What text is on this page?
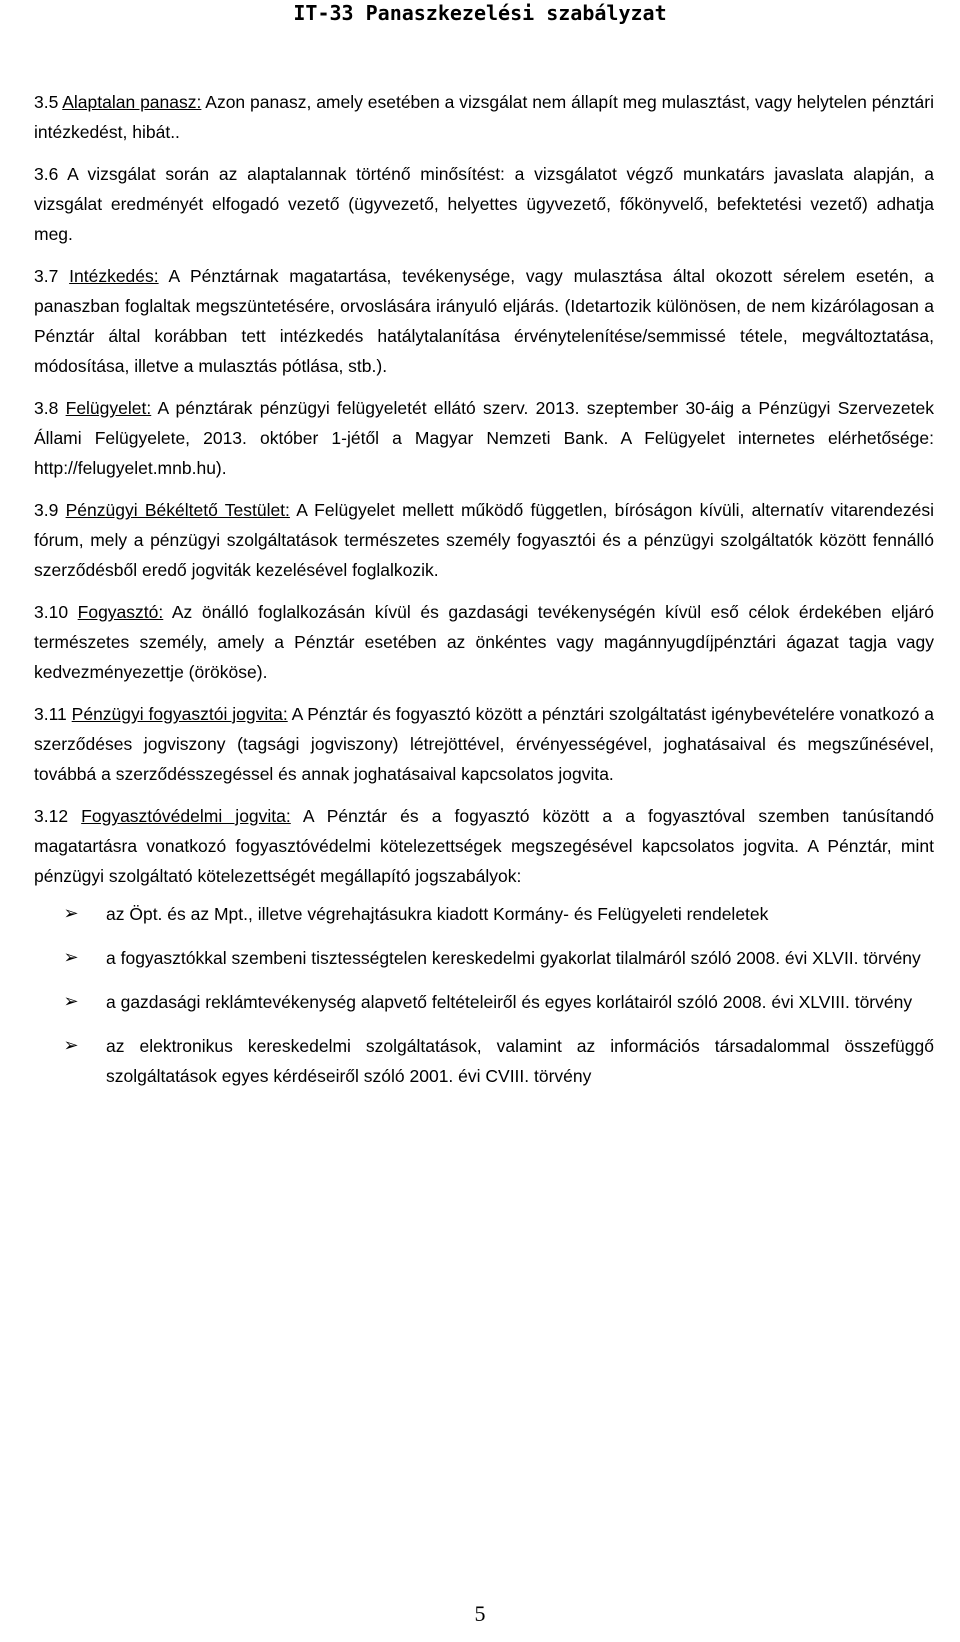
IT-33 Panaszkezelési szabályzat

3.5 Alaptalan panasz: Azon panasz, amely esetében a vizsgálat nem állapít meg mulasztást, vagy helytelen pénztári intézkedést, hibát..

3.6 A vizsgálat során az alaptalannak történő minősítést: a vizsgálatot végző munkatárs javaslata alapján, a vizsgálat eredményét elfogadó vezető (ügyvezető, helyettes ügyvezető, főkönyvelő, befektetési vezető) adhatja meg.

3.7 Intézkedés: A Pénztárnak magatartása, tevékenysége, vagy mulasztása által okozott sérelem esetén, a panaszban foglaltak megszüntetésére, orvoslására irányuló eljárás. (Idetartozik különösen, de nem kizárólagosan a Pénztár által korábban tett intézkedés hatálytalanítása érvénytelenítése/semmissé tétele, megváltoztatása, módosítása, illetve a mulasztás pótlása, stb.).

3.8 Felügyelet: A pénztárak pénzügyi felügyeletét ellátó szerv. 2013. szeptember 30-áig a Pénzügyi Szervezetek Állami Felügyelete, 2013. október 1-jétől a Magyar Nemzeti Bank. A Felügyelet internetes elérhetősége: http://felugyelet.mnb.hu).

3.9 Pénzügyi Békéltető Testület: A Felügyelet mellett működő független, bíróságon kívüli, alternatív vitarendezési fórum, mely a pénzügyi szolgáltatások természetes személy fogyasztói és a pénzügyi szolgáltatók között fennálló szerződésből eredő jogviták kezelésével foglalkozik.

3.10 Fogyasztó: Az önálló foglalkozásán kívül és gazdasági tevékenységén kívül eső célok érdekében eljáró természetes személy, amely a Pénztár esetében az önkéntes vagy magánnyugdíjpénztári ágazat tagja vagy kedvezményezettje (örököse).

3.11 Pénzügyi fogyasztói jogvita: A Pénztár és fogyasztó között a pénztári szolgáltatást igénybevételére vonatkozó a szerződéses jogviszony (tagsági jogviszony) létrejöttével, érvényességével, joghatásaival és megszűnésével, továbbá a szerződésszegéssel és annak joghatásaival kapcsolatos jogvita.

3.12 Fogyasztóvédelmi jogvita: A Pénztár és a fogyasztó között a a fogyasztóval szemben tanúsítandó magatartásra vonatkozó fogyasztóvédelmi kötelezettségek megszegésével kapcsolatos jogvita. A Pénztár, mint pénzügyi szolgáltató kötelezettségét megállapító jogszabályok:

➢ az Öpt. és az Mpt., illetve végrehajtásukra kiadott Kormány- és Felügyeleti rendeletek
➢ a fogyasztókkal szembeni tisztességtelen kereskedelmi gyakorlat tilalmáról szóló 2008. évi XLVII. törvény
➢ a gazdasági reklámtevékenység alapvető feltételeiről és egyes korlátairól szóló 2008. évi XLVIII. törvény
➢ az elektronikus kereskedelmi szolgáltatások, valamint az információs társadalommal összefüggő szolgáltatások egyes kérdéseiről szóló 2001. évi CVIII. törvény
5
